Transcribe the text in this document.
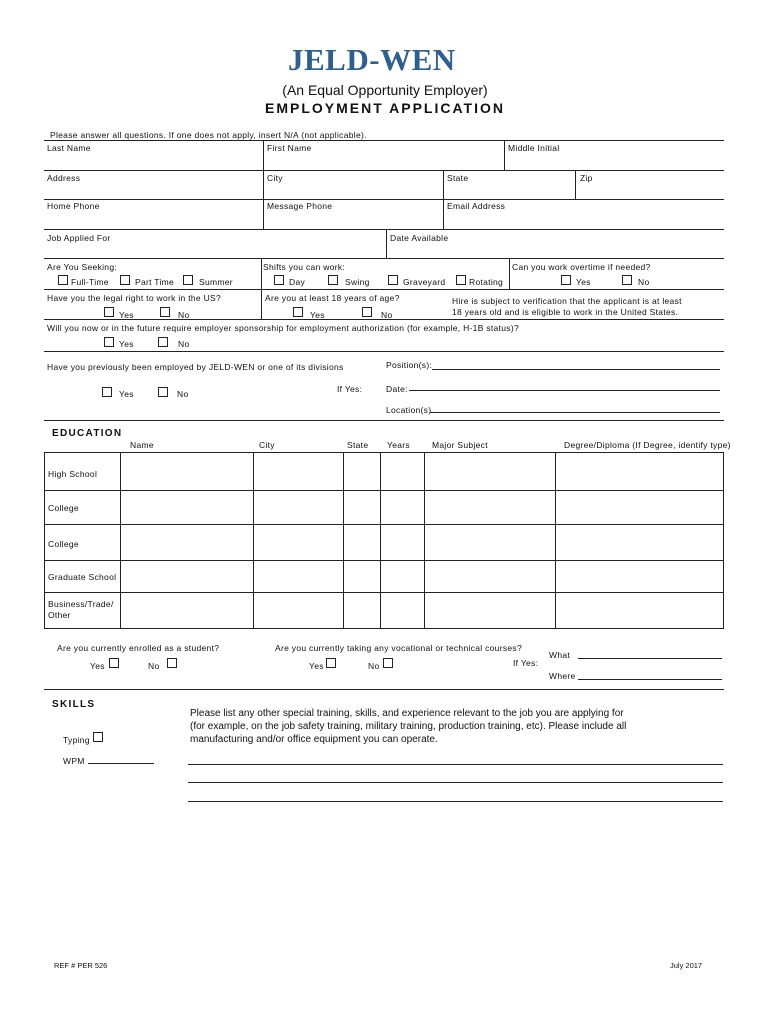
JELD-WEN
(An Equal Opportunity Employer)
EMPLOYMENT APPLICATION
Please answer all questions. If one does not apply, insert N/A (not applicable).
Last Name	First Name	Middle Initial
Address	City	State	Zip
Home Phone	Message Phone	Email Address
Job Applied For	Date Available
Are You Seeking:	Shifts you can work:	Can you work overtime if needed?
Full-Time	Part Time	Summer	Day	Swing	Graveyard	Rotating	Yes	No
Have you the legal right to work in the US?	Are you at least 18 years of age?	Hire is subject to verification that the applicant is at least 18 years old and is eligible to work in the United States.
Yes	No	Yes	No
Will you now or in the future require employer sponsorship for employment authorization (for example, H-1B status)?
Yes	No
Have you previously been employed by JELD-WEN or one of its divisions
Yes	No	If Yes:
Position(s):
Date:
Location(s)
EDUCATION
Name	City	State Years	Major Subject	Degree/Diploma (If Degree, identify type)
High School
College
College
Graduate School
Business/Trade/ Other
Are you currently enrolled as a student?
Yes	No
Are you currently taking any vocational or technical courses?
Yes	No	If Yes:
What
Where
SKILLS
Typing
WPM
Please list any other special training, skills, and experience relevant to the job you are applying for (for example, on the job safety training, military training, production training, etc). Please include all manufacturing and/or office equipment you can operate.
REF # PER 526	July 2017
